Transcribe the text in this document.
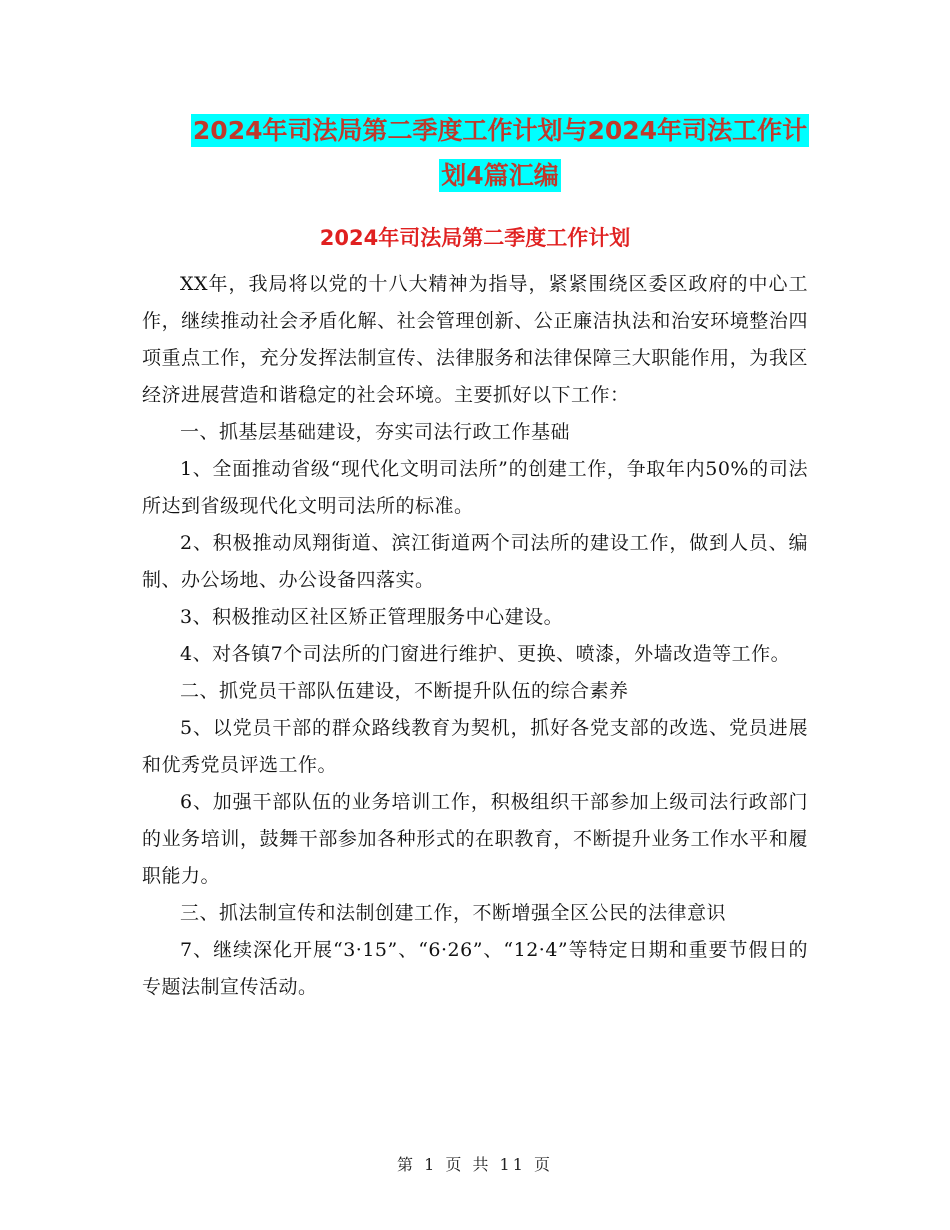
2024年司法局第二季度工作计划与2024年司法工作计
划4篇汇编
2024年司法局第二季度工作计划

XX年，我局将以党的十八大精神为指导，紧紧围绕区委区政府的中心工作，继续推动社会矛盾化解、社会管理创新、公正廉洁执法和治安环境整治四项重点工作，充分发挥法制宣传、法律服务和法律保障三大职能作用，为我区经济进展营造和谐稳定的社会环境。主要抓好以下工作：

一、抓基层基础建设，夯实司法行政工作基础

1、全面推动省级“现代化文明司法所”的创建工作，争取年内50%的司法所达到省级现代化文明司法所的标准。

2、积极推动凤翔街道、滨江街道两个司法所的建设工作，做到人员、编制、办公场地、办公设备四落实。

3、积极推动区社区矫正管理服务中心建设。

4、对各镇7个司法所的门窗进行维护、更换、喷漆，外墙改造等工作。

二、抓党员干部队伍建设，不断提升队伍的综合素养

5、以党员干部的群众路线教育为契机，抓好各党支部的改选、党员进展和优秀党员评选工作。

6、加强干部队伍的业务培训工作，积极组织干部参加上级司法行政部门的业务培训，鼓舞干部参加各种形式的在职教育，不断提升业务工作水平和履职能力。

三、抓法制宣传和法制创建工作，不断增强全区公民的法律意识

7、继续深化开展“3·15”、“6·26”、“12·4”等特定日期和重要节假日的专题法制宣传活动。

第 1 页 共 11 页
